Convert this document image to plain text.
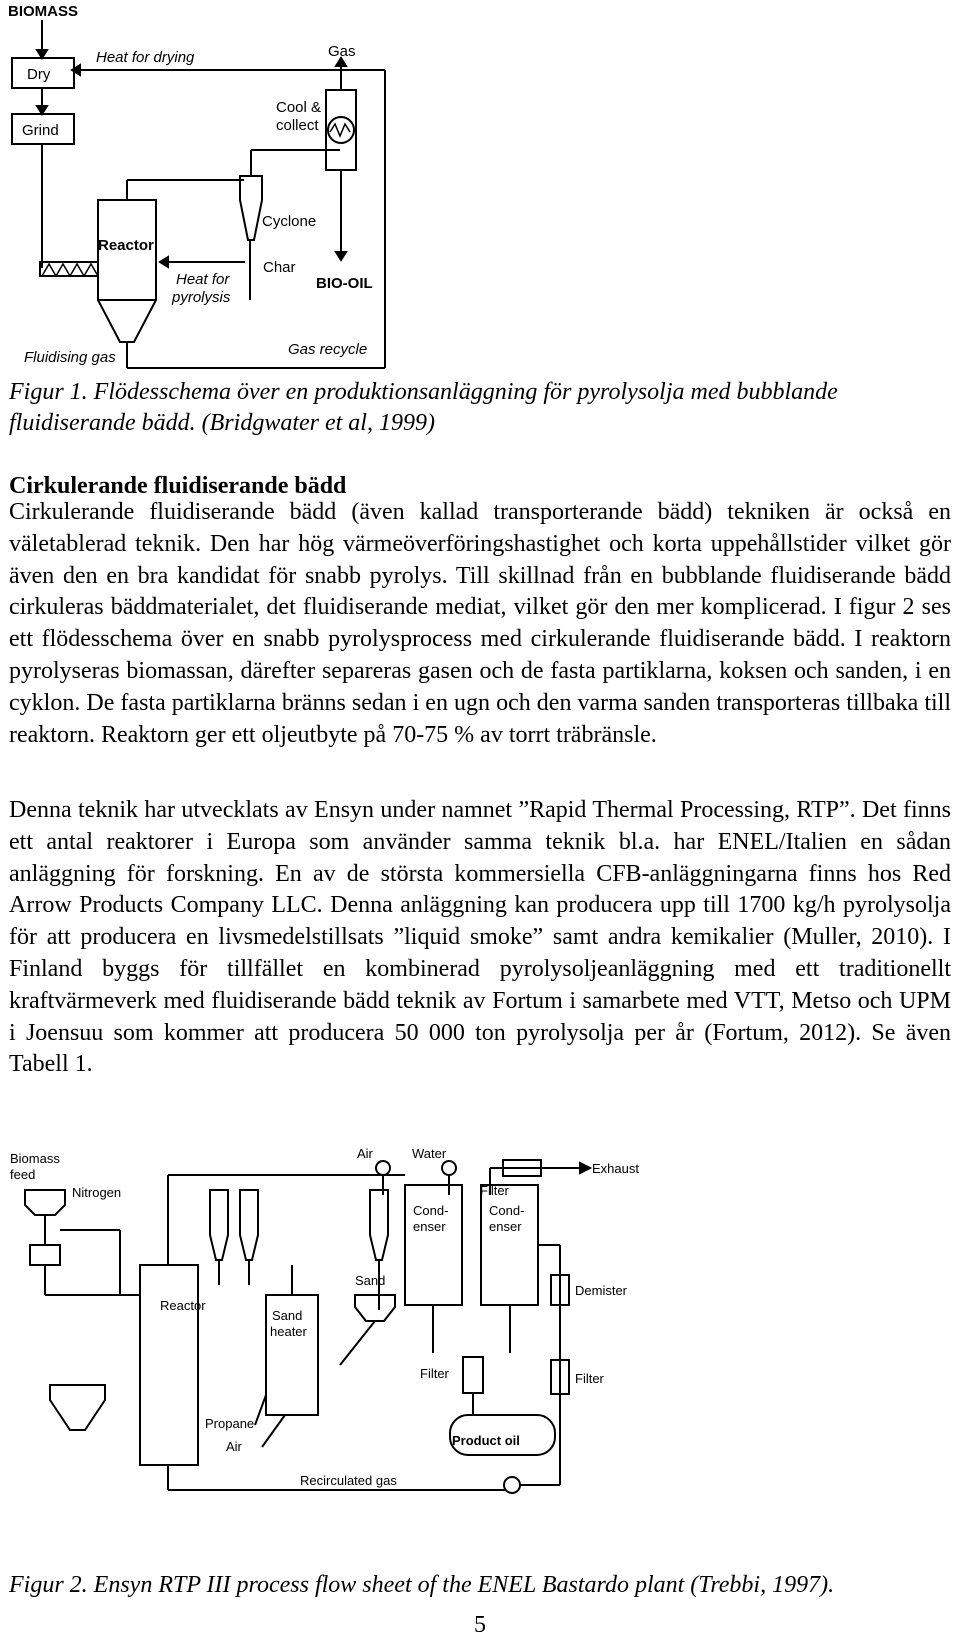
BIOMASS
Dry
Grind
Heat for drying	Gas
Cool &
collect
Cyclone
Reactor
Char
Heat for
pyrolysis
BIO-OIL
Fluidising gas	Gas recycle
Figur 1. Flödesschema över en produktionsanläggning för pyrolysolja med bubblande fluidiserande bädd. (Bridgwater et al, 1999)
Cirkulerande fluidiserande bädd

Cirkulerande fluidiserande bädd (även kallad transporterande bädd) tekniken är också en väletablerad teknik. Den har hög värmeöverföringshastighet och korta uppehållstider vilket gör även den en bra kandidat för snabb pyrolys. Till skillnad från en bubblande fluidiserande bädd cirkuleras bäddmaterialet, det fluidiserande mediat, vilket gör den mer komplicerad. I figur 2 ses ett flödesschema över en snabb pyrolysprocess med cirkulerande fluidiserande bädd. I reaktorn pyrolyseras biomassan, därefter separeras gasen och de fasta partiklarna, koksen och sanden, i en cyklon. De fasta partiklarna bränns sedan i en ugn och den varma sanden transporteras tillbaka till reaktorn. Reaktorn ger ett oljeutbyte på 70-75 % av torrt träbränsle.

Denna teknik har utvecklats av Ensyn under namnet ”Rapid Thermal Processing, RTP”. Det finns ett antal reaktorer i Europa som använder samma teknik bl.a. har ENEL/Italien en sådan anläggning för forskning. En av de största kommersiella CFB-anläggningarna finns hos Red Arrow Products Company LLC. Denna anläggning kan producera upp till 1700 kg/h pyrolysolja för att producera en livsmedelstillsats ”liquid smoke” samt andra kemikalier (Muller, 2010). I Finland byggs för tillfället en kombinerad pyrolysoljeanläggning med ett traditionellt kraftvärmeverk med fluidiserande bädd teknik av Fortum i samarbete med VTT, Metso och UPM i Joensuu som kommer att producera 50 000 ton pyrolysolja per år (Fortum, 2012). Se även Tabell 1.

Air	Water
Exhaust
Filter
Biomass
feed
Nitrogen
Cond-
enser
Cond-
enser
Demister
Sand
Reactor
Sand
heater
Filter
Filter
Propane
Air	Product oil
Recirculated gas
Figur 2. Ensyn RTP III process flow sheet of the ENEL Bastardo plant (Trebbi, 1997).
5
